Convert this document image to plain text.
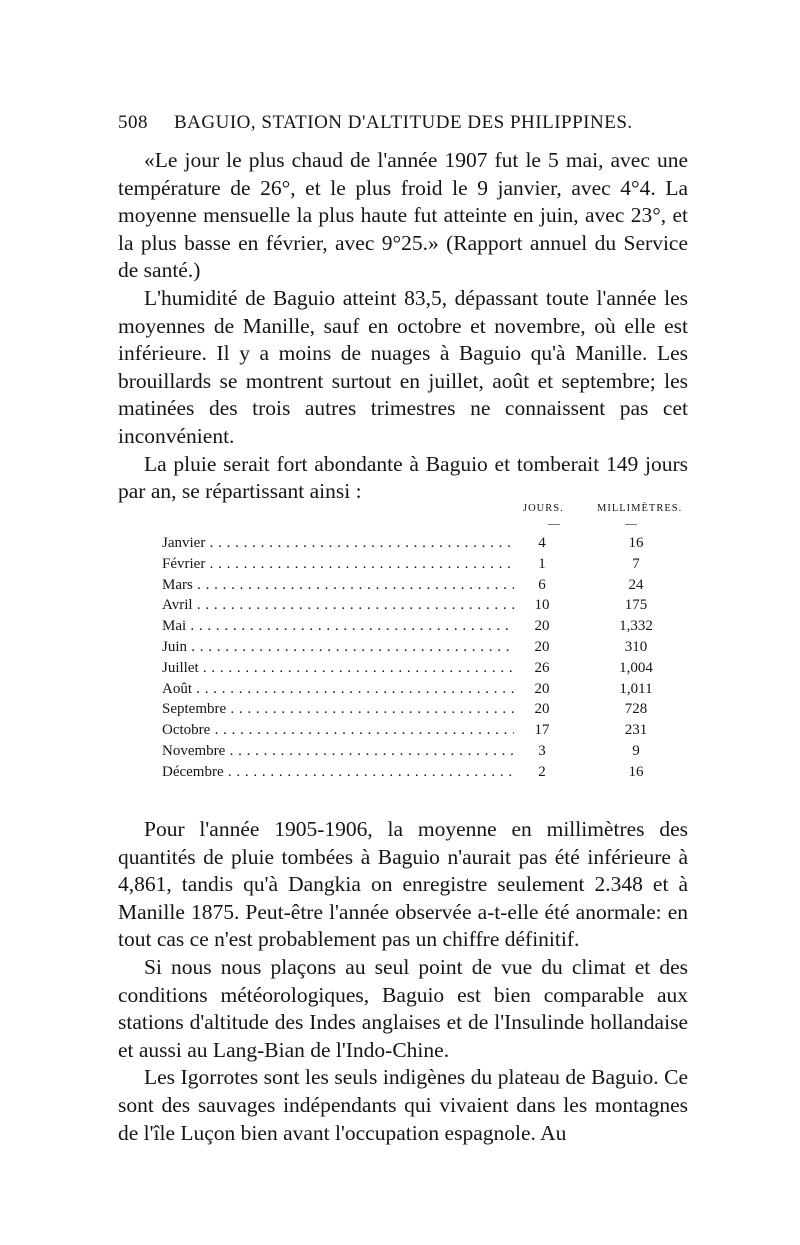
508 BAGUIO, STATION D'ALTITUDE DES PHILIPPINES.

«Le jour le plus chaud de l'année 1907 fut le 5 mai, avec une température de 26°, et le plus froid le 9 janvier, avec 4°4. La moyenne mensuelle la plus haute fut atteinte en juin, avec 23°, et la plus basse en février, avec 9°25.» (Rapport annuel du Service de santé.)

L'humidité de Baguio atteint 83,5, dépassant toute l'année les moyennes de Manille, sauf en octobre et novembre, où elle est inférieure. Il y a moins de nuages à Baguio qu'à Manille. Les brouillards se montrent surtout en juillet, août et septembre; les matinées des trois autres trimestres ne connaissent pas cet inconvénient.

La pluie serait fort abondante à Baguio et tomberait 149 jours par an, se répartissant ainsi :

JOURS.	MILLIMÈTRES.
Janvier . . .	4	16
Février . . .	1	7
Mars . . .	6	24
Avril . . .	10	175
Mai . . .	20	1,332
Juin . . .	20	310
Juillet . . .	26	1,004
Août . . .	20	1,011
Septembre . . .	20	728
Octobre . . .	17	231
Novembre . . .	3	9
Décembre . . .	2	16

Pour l'année 1905-1906, la moyenne en millimètres des quantités de pluie tombées à Baguio n'aurait pas été inférieure à 4,861, tandis qu'à Dangkia on enregistre seulement 2.348 et à Manille 1875. Peut-être l'année observée a-t-elle été anormale: en tout cas ce n'est probablement pas un chiffre définitif.

Si nous nous plaçons au seul point de vue du climat et des conditions météorologiques, Baguio est bien comparable aux stations d'altitude des Indes anglaises et de l'Insulinde hollandaise et aussi au Lang-Bian de l'Indo-Chine.

Les Igorrotes sont les seuls indigènes du plateau de Baguio. Ce sont des sauvages indépendants qui vivaient dans les montagnes de l'île Luçon bien avant l'occupation espagnole. Au
